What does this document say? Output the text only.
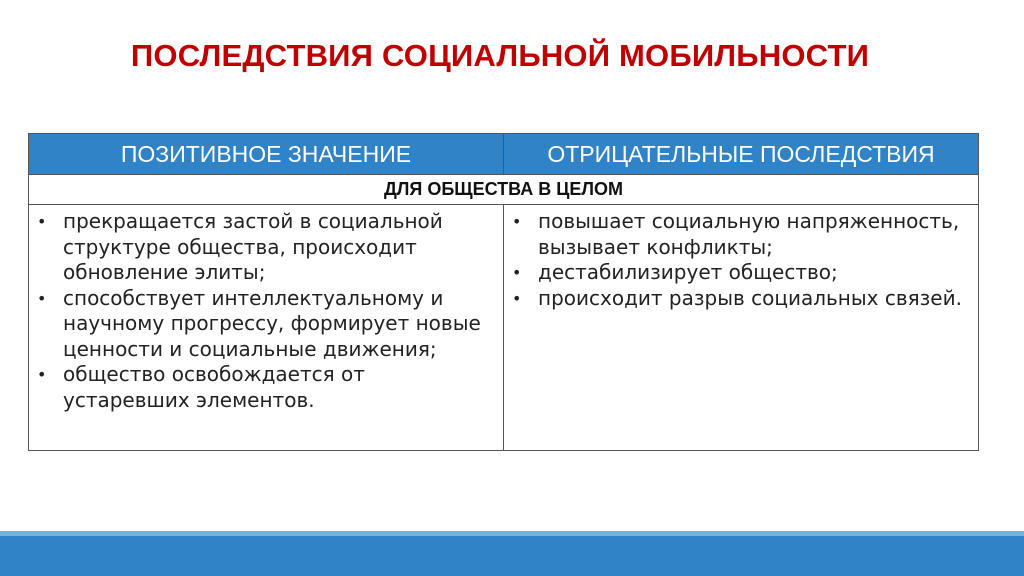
ПОСЛЕДСТВИЯ СОЦИАЛЬНОЙ МОБИЛЬНОСТИ
ПОЗИТИВНОЕ ЗНАЧЕНИЕ	ОТРИЦАТЕЛЬНЫЕ ПОСЛЕДСТВИЯ
ДЛЯ ОБЩЕСТВА В ЦЕЛОМ
• прекращается застой в социальной структуре общества, происходит обновление элиты;
• способствует интеллектуальному и научному прогрессу, формирует новые ценности и социальные движения;
• общество освобождается от устаревших элементов.
• повышает социальную напряженность, вызывает конфликты;
• дестабилизирует общество;
• происходит разрыв социальных связей.
